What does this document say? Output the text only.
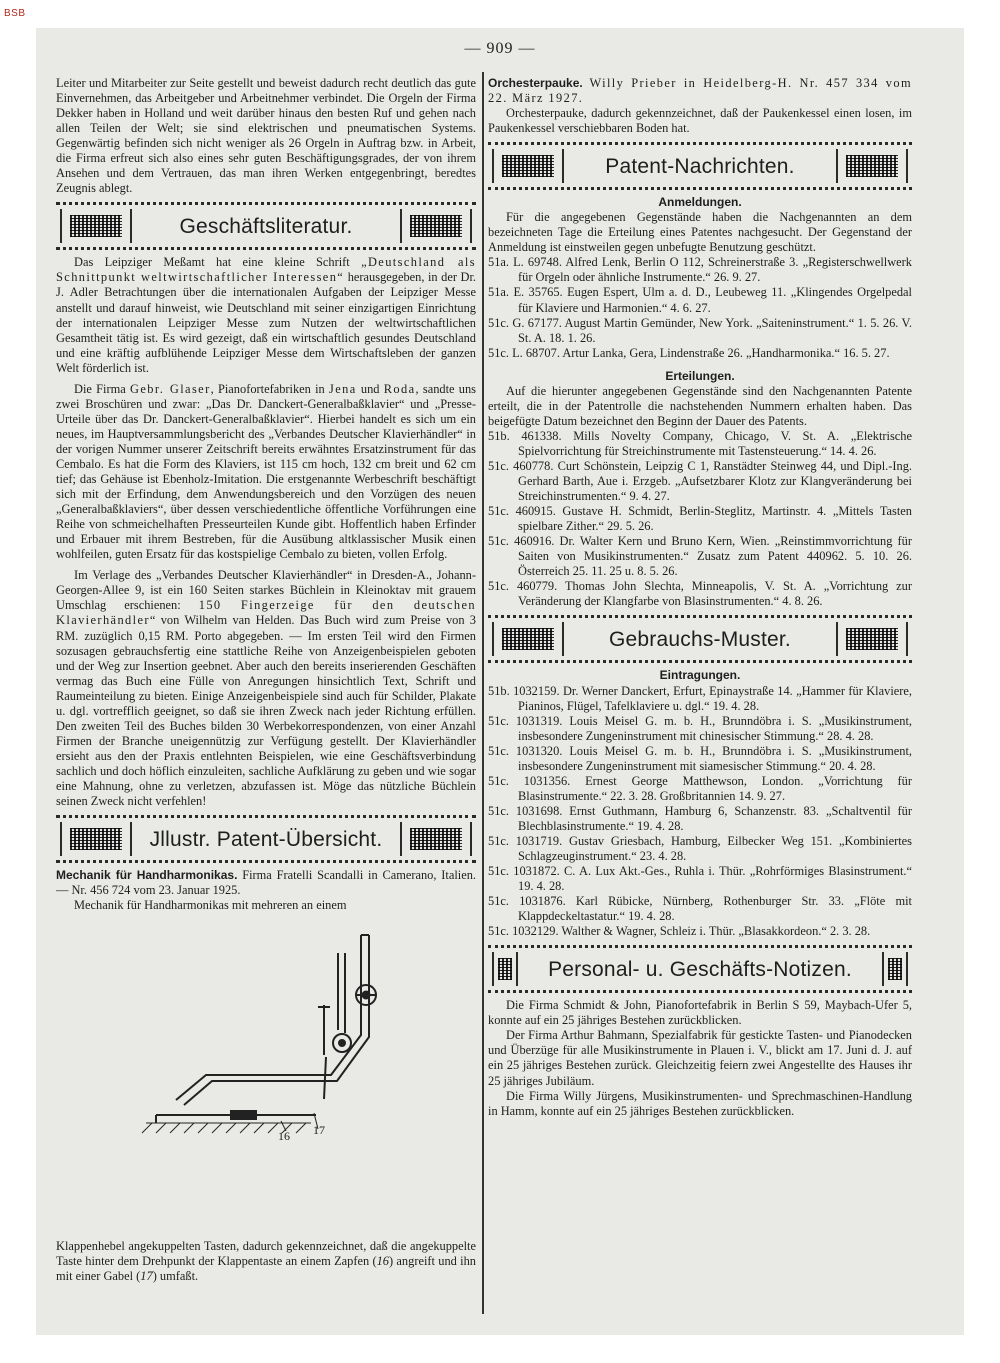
BSB
— 909 —

Leiter und Mitarbeiter zur Seite gestellt und beweist dadurch recht deutlich das gute Einvernehmen, das Arbeitgeber und Arbeitnehmer verbindet. Die Orgeln der Firma Dekker haben in Holland und weit darüber hinaus den besten Ruf und gehen nach allen Teilen der Welt; sie sind elektrischen und pneumatischen Systems. Gegenwärtig befinden sich nicht weniger als 26 Orgeln in Auftrag bzw. in Arbeit, die Firma erfreut sich also eines sehr guten Beschäftigungsgrades, der von ihrem Ansehen und dem Vertrauen, das man ihren Werken entgegenbringt, beredtes Zeugnis ablegt.

Geschäftsliteratur.

Das Leipziger Meßamt hat eine kleine Schrift „Deutschland als Schnittpunkt weltwirtschaftlicher Interessen“ herausgegeben, in der Dr. J. Adler Betrachtungen über die internationalen Aufgaben der Leipziger Messe anstellt und darauf hinweist, wie Deutschland mit seiner einzigartigen Einrichtung der internationalen Leipziger Messe zum Nutzen der weltwirtschaftlichen Gesamtheit tätig ist. Es wird gezeigt, daß ein wirtschaftlich gesundes Deutschland und eine kräftig aufblühende Leipziger Messe dem Wirtschaftsleben der ganzen Welt förderlich ist.

Die Firma Gebr. Glaser, Pianofortefabriken in Jena und Roda, sandte uns zwei Broschüren und zwar: „Das Dr. Danckert-Generalbaßklavier“ und „Presse-Urteile über das Dr. Danckert-Generalbaßklavier“. Hierbei handelt es sich um ein neues, im Hauptversammlungsbericht des „Verbandes Deutscher Klavierhändler“ in der vorigen Nummer unserer Zeitschrift bereits erwähntes Ersatzinstrument für das Cembalo. Es hat die Form des Klaviers, ist 115 cm hoch, 132 cm breit und 62 cm tief; das Gehäuse ist Ebenholz-Imitation. Die erstgenannte Werbeschrift beschäftigt sich mit der Erfindung, dem Anwendungsbereich und den Vorzügen des neuen „Generalbaßklaviers“, über dessen verschiedentliche öffentliche Vorführungen eine Reihe von schmeichelhaften Presseurteilen Kunde gibt. Hoffentlich haben Erfinder und Erbauer mit ihrem Bestreben, für die Ausübung altklassischer Musik einen wohlfeilen, guten Ersatz für das kostspielige Cembalo zu bieten, vollen Erfolg.

Im Verlage des „Verbandes Deutscher Klavierhändler“ in Dresden-A., Johann-Georgen-Allee 9, ist ein 160 Seiten starkes Büchlein in Kleinoktav mit grauem Umschlag erschienen: 150 Fingerzeige für den deutschen Klavierhändler“ von Wilhelm van Helden. Das Buch wird zum Preise von 3 RM. zuzüglich 0,15 RM. Porto abgegeben. — Im ersten Teil wird den Firmen sozusagen gebrauchsfertig eine stattliche Reihe von Anzeigenbeispielen geboten und der Weg zur Insertion geebnet. Aber auch den bereits inserierenden Geschäften vermag das Buch eine Fülle von Anregungen hinsichtlich Text, Schrift und Raumeinteilung zu bieten. Einige Anzeigenbeispiele sind auch für Schilder, Plakate u. dgl. vortrefflich geeignet, so daß sie ihren Zweck nach jeder Richtung erfüllen. Den zweiten Teil des Buches bilden 30 Werbekorrespondenzen, von einer Anzahl Firmen der Branche uneigennützig zur Verfügung gestellt. Der Klavierhändler ersieht aus den der Praxis entlehnten Beispielen, wie eine Geschäftsverbindung sachlich und doch höflich einzuleiten, sachliche Aufklärung zu geben und wie sogar eine Mahnung, ohne zu verletzen, abzufassen ist. Möge das nützliche Büchlein seinen Zweck nicht verfehlen!

Jllustr. Patent-Übersicht.

Mechanik für Handharmonikas. Firma Fratelli Scandalli in Camerano, Italien. — Nr. 456 724 vom 23. Januar 1925.

Mechanik für Handharmonikas mit mehreren an einem

16 17

Klappenhebel angekuppelten Tasten, dadurch gekennzeichnet, daß die angekuppelte Taste hinter dem Drehpunkt der Klappentaste an einem Zapfen (16) angreift und ihn mit einer Gabel (17) umfaßt.

Orchesterpauke. Willy Prieber in Heidelberg-H. Nr. 457 334 vom 22. März 1927.

Orchesterpauke, dadurch gekennzeichnet, daß der Paukenkessel einen losen, im Paukenkessel verschiebbaren Boden hat.

Patent-Nachrichten.
Anmeldungen.

Für die angegebenen Gegenstände haben die Nachgenannten an dem bezeichneten Tage die Erteilung eines Patentes nachgesucht. Der Gegenstand der Anmeldung ist einstweilen gegen unbefugte Benutzung geschützt.

51a. L. 69748. Alfred Lenk, Berlin O 112, Schreinerstraße 3. „Registerschwellwerk für Orgeln oder ähnliche Instrumente.“ 26. 9. 27.

51a. E. 35765. Eugen Espert, Ulm a. d. D., Leubeweg 11. „Klingendes Orgelpedal für Klaviere und Harmonien.“ 4. 6. 27.

51c. G. 67177. August Martin Gemünder, New York. „Saiteninstrument.“ 1. 5. 26. V. St. A. 18. 1. 26.

51c. L. 68707. Artur Lanka, Gera, Lindenstraße 26. „Handharmonika.“ 16. 5. 27.

Erteilungen.

Auf die hierunter angegebenen Gegenstände sind den Nachgenannten Patente erteilt, die in der Patentrolle die nachstehenden Nummern erhalten haben. Das beigefügte Datum bezeichnet den Beginn der Dauer des Patents.

51b. 461338. Mills Novelty Company, Chicago, V. St. A. „Elektrische Spielvorrichtung für Streichinstrumente mit Tastensteuerung.“ 14. 4. 26.

51c. 460778. Curt Schönstein, Leipzig C 1, Ranstädter Steinweg 44, und Dipl.-Ing. Gerhard Barth, Aue i. Erzgeb. „Aufsetzbarer Klotz zur Klangveränderung bei Streichinstrumenten.“ 9. 4. 27.

51c. 460915. Gustave H. Schmidt, Berlin-Steglitz, Martinstr. 4. „Mittels Tasten spielbare Zither.“ 29. 5. 26.

51c. 460916. Dr. Walter Kern und Bruno Kern, Wien. „Reinstimmvorrichtung für Saiten von Musikinstrumenten.“ Zusatz zum Patent 440962. 5. 10. 26. Österreich 25. 11. 25 u. 8. 5. 26.

51c. 460779. Thomas John Slechta, Minneapolis, V. St. A. „Vorrichtung zur Veränderung der Klangfarbe von Blasinstrumenten.“ 4. 8. 26.

Gebrauchs-Muster.
Eintragungen.

51b. 1032159. Dr. Werner Danckert, Erfurt, Epinaystraße 14. „Hammer für Klaviere, Pianinos, Flügel, Tafelklaviere u. dgl.“ 19. 4. 28.

51c. 1031319. Louis Meisel G. m. b. H., Brunndöbra i. S. „Musikinstrument, insbesondere Zungeninstrument mit chinesischer Stimmung.“ 28. 4. 28.

51c. 1031320. Louis Meisel G. m. b. H., Brunndöbra i. S. „Musikinstrument, insbesondere Zungeninstrument mit siamesischer Stimmung.“ 20. 4. 28.

51c. 1031356. Ernest George Matthewson, London. „Vorrichtung für Blasinstrumente.“ 22. 3. 28. Großbritannien 14. 9. 27.

51c. 1031698. Ernst Guthmann, Hamburg 6, Schanzenstr. 83. „Schaltventil für Blechblasinstrumente.“ 19. 4. 28.

51c. 1031719. Gustav Griesbach, Hamburg, Eilbecker Weg 151. „Kombiniertes Schlagzeuginstrument.“ 23. 4. 28.

51c. 1031872. C. A. Lux Akt.-Ges., Ruhla i. Thür. „Rohrförmiges Blasinstrument.“ 19. 4. 28.

51c. 1031876. Karl Rübicke, Nürnberg, Rothenburger Str. 33. „Flöte mit Klappdeckeltastatur.“ 19. 4. 28.

51c. 1032129. Walther & Wagner, Schleiz i. Thür. „Blasakkordeon.“ 2. 3. 28.

Personal- u. Geschäfts-Notizen.

Die Firma Schmidt & John, Pianofortefabrik in Berlin S 59, Maybach-Ufer 5, konnte auf ein 25 jähriges Bestehen zurückblicken.

Der Firma Arthur Bahmann, Spezialfabrik für gestickte Tasten- und Pianodecken und Überzüge für alle Musikinstrumente in Plauen i. V., blickt am 17. Juni d. J. auf ein 25 jähriges Bestehen zurück. Gleichzeitig feiern zwei Angestellte des Hauses ihr 25 jähriges Jubiläum.

Die Firma Willy Jürgens, Musikinstrumenten- und Sprechmaschinen-Handlung in Hamm, konnte auf ein 25 jähriges Bestehen zurückblicken.
